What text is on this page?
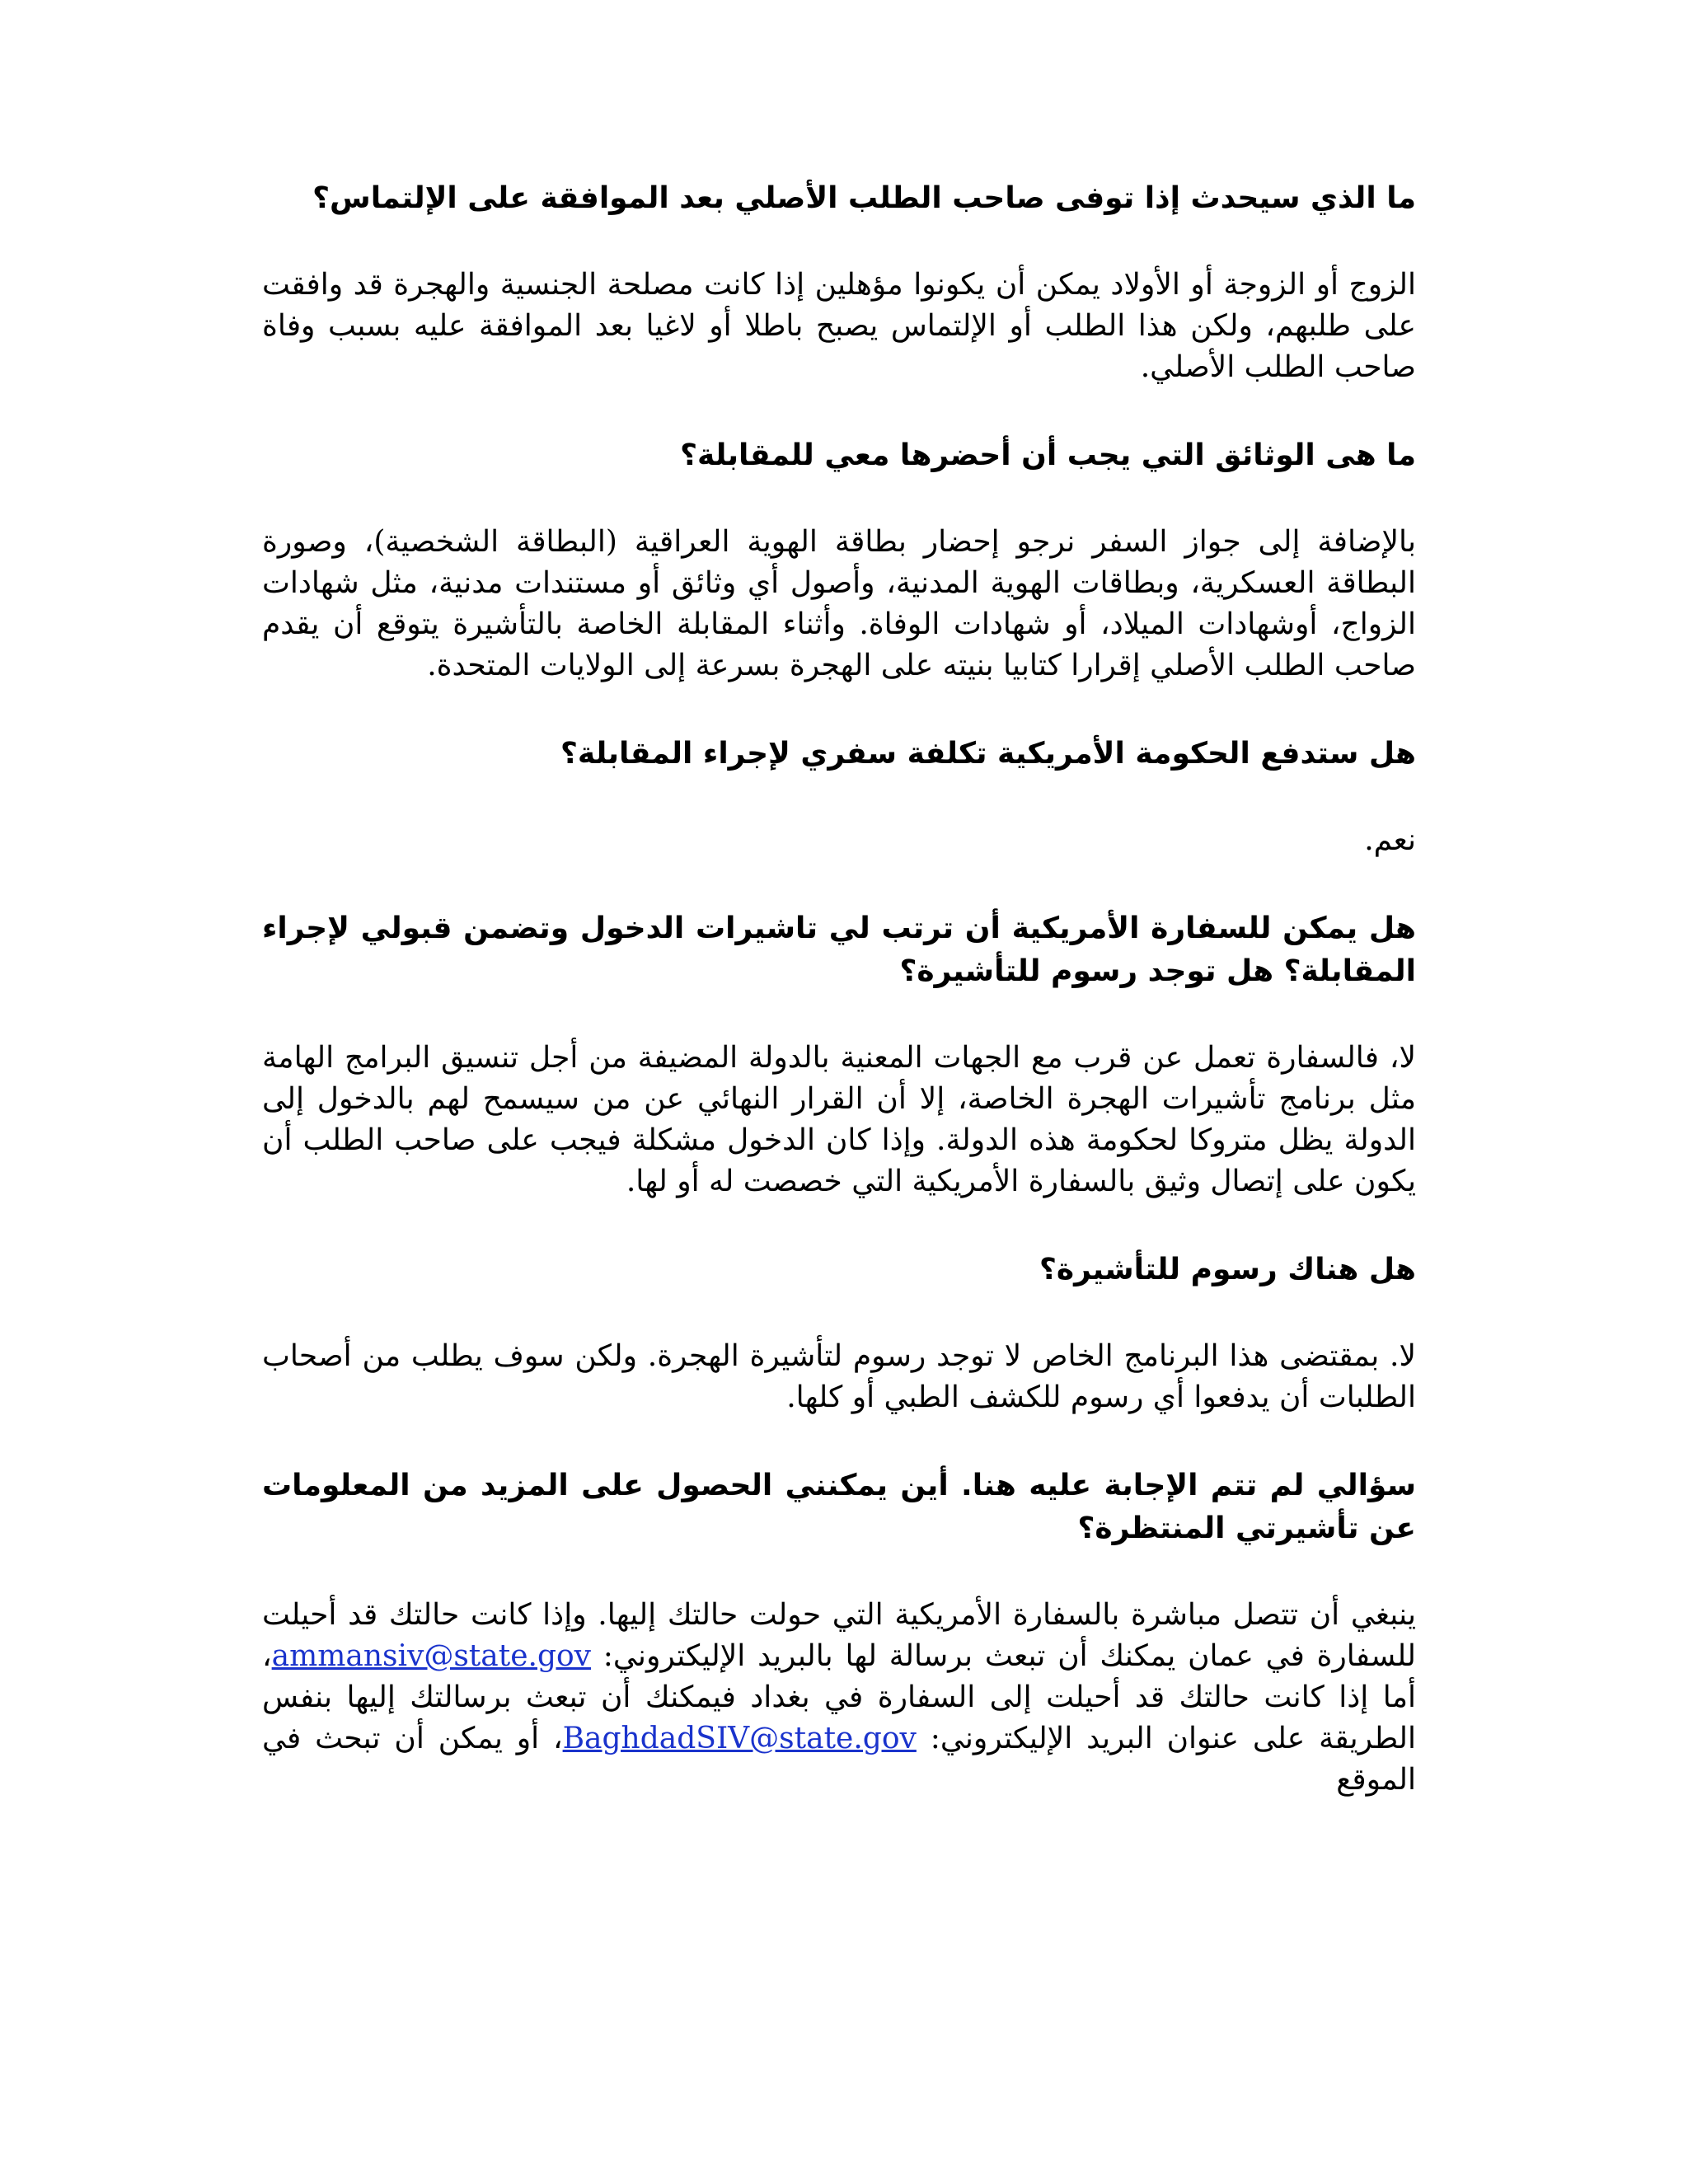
ما الذي سيحدث إذا توفى صاحب الطلب الأصلي بعد الموافقة على الإلتماس؟

الزوج أو الزوجة أو الأولاد يمكن أن يكونوا مؤهلين إذا كانت مصلحة الجنسية والهجرة قد وافقت على طلبهم، ولكن هذا الطلب أو الإلتماس يصبح باطلا أو لاغيا بعد الموافقة عليه بسبب وفاة صاحب الطلب الأصلي.

ما هى الوثائق التي يجب أن أحضرها معي للمقابلة؟

بالإضافة إلى جواز السفر نرجو إحضار بطاقة الهوية العراقية (البطاقة الشخصية)، وصورة البطاقة العسكرية، وبطاقات الهوية المدنية، وأصول أي وثائق أو مستندات مدنية، مثل شهادات الزواج، أوشهادات الميلاد، أو شهادات الوفاة. وأثناء المقابلة الخاصة بالتأشيرة يتوقع أن يقدم صاحب الطلب الأصلي إقرارا كتابيا بنيته على الهجرة بسرعة إلى الولايات المتحدة.

هل ستدفع الحكومة الأمريكية تكلفة سفري لإجراء المقابلة؟

نعم.

هل يمكن للسفارة الأمريكية أن ترتب لي تاشيرات الدخول وتضمن قبولي لإجراء المقابلة؟ هل توجد رسوم للتأشيرة؟

لا، فالسفارة تعمل عن قرب مع الجهات المعنية بالدولة المضيفة من أجل تنسيق البرامج الهامة مثل برنامج تأشيرات الهجرة الخاصة، إلا أن القرار النهائي عن من سيسمح لهم بالدخول إلى الدولة يظل متروكا لحكومة هذه الدولة. وإذا كان الدخول مشكلة فيجب على صاحب الطلب أن يكون على إتصال وثيق بالسفارة الأمريكية التي خصصت له أو لها.

هل هناك رسوم للتأشيرة؟

لا. بمقتضى هذا البرنامج الخاص لا توجد رسوم لتأشيرة الهجرة. ولكن سوف يطلب من أصحاب الطلبات أن يدفعوا أي رسوم للكشف الطبي أو كلها.

سؤالي لم تتم الإجابة عليه هنا. أين يمكنني الحصول على المزيد من المعلومات عن تأشيرتي المنتظرة؟

ينبغي أن تتصل مباشرة بالسفارة الأمريكية التي حولت حالتك إليها. وإذا كانت حالتك قد أحيلت للسفارة في عمان يمكنك أن تبعث برسالة لها بالبريد الإليكتروني: ammansiv@state.gov، أما إذا كانت حالتك قد أحيلت إلى السفارة في بغداد فيمكنك أن تبعث برسالتك إليها بنفس الطريقة على عنوان البريد الإليكتروني: BaghdadSIV@state.gov، أو يمكن أن تبحث في الموقع
